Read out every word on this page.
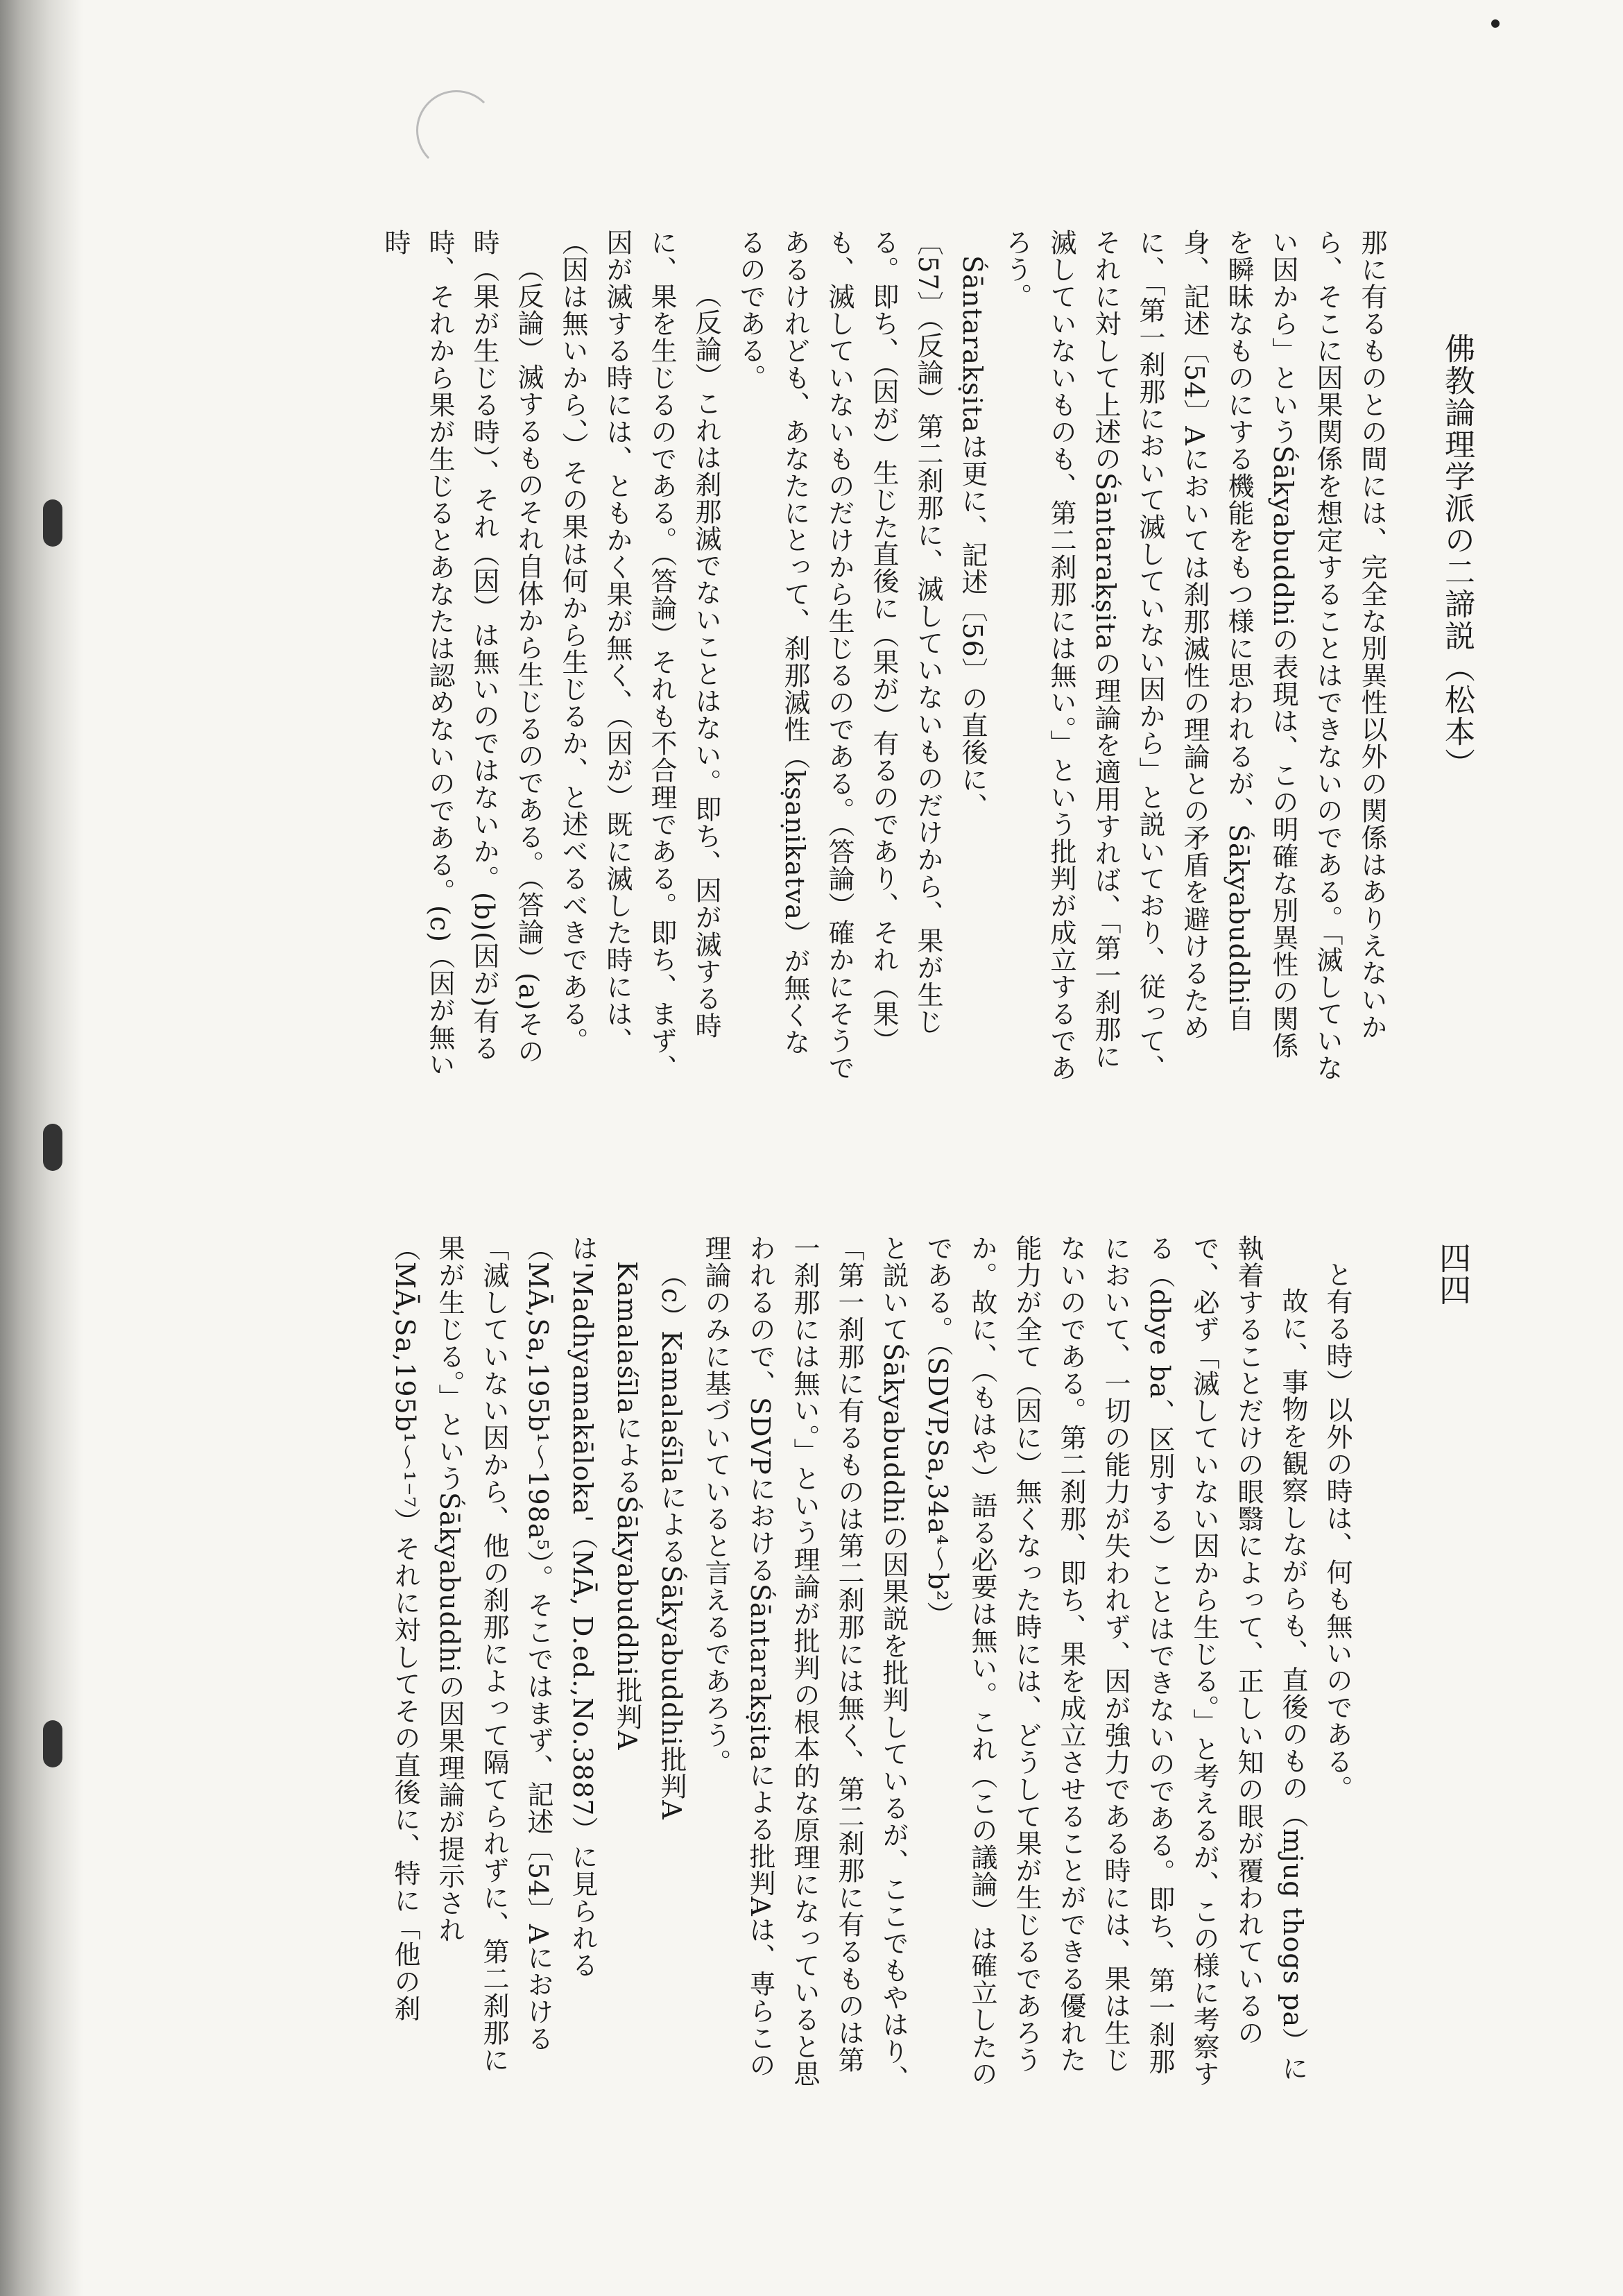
佛教論理学派の二諦説（松本）
四四

那に有るものとの間には、完全な別異性以外の関係はありえないから、そこに因果関係を想定することはできないのである。「滅していない因から」というŚākyabuddhiの表現は、この明確な別異性の関係を瞬昧なものにする機能をもつ様に思われるが、Śākyabuddhi自身、記述〔54〕Aにおいては刹那滅性の理論との矛盾を避けるために、「第一刹那において滅していない因から」と説いており、従って、それに対して上述のŚāntarakṣitaの理論を適用すれば、「第一刹那に滅していないものも、第二刹那には無い。」という批判が成立するであろう。

Śāntarakṣitaは更に、記述〔56〕の直後に、

〔57〕（反論）第二刹那に、滅していないものだけから、果が生じる。即ち、（因が）生じた直後に（果が）有るのであり、それ（果）も、滅していないものだけから生じるのである。（答論）確かにそうであるけれども、あなたにとって、刹那滅性（kṣaṇikatva）が無くなるのである。

（反論）これは刹那滅でないことはない。即ち、因が滅する時に、果を生じるのである。（答論）それも不合理である。即ち、まず、因が滅する時には、ともかく果が無く、（因が）既に滅した時には、（因は無いから、）その果は何から生じるか、と述べるべきである。

（反論）滅するものそれ自体から生じるのである。（答論）(a)その時（果が生じる時）、それ（因）は無いのではないか。(b)(因が)有る時、それから果が生じるとあなたは認めないのである。(c)（因が無い時

と有る時）以外の時は、何も無いのである。

故に、事物を観察しながらも、直後のもの（mjug thogs pa）に執着することだけの眼翳によって、正しい知の眼が覆われているので、必ず「滅していない因から生じる。」と考えるが、この様に考察する（dbye ba、区別する）ことはできないのである。即ち、第一刹那において、一切の能力が失われず、因が強力である時には、果は生じないのである。第二刹那、即ち、果を成立させることができる優れた能力が全て（因に）無くなった時には、どうして果が生じるであろうか。故に、（もはや）語る必要は無い。これ（この議論）は確立したのである。（SDVP,Sa,34a⁴～b²）

と説いてŚākyabuddhiの因果説を批判しているが、ここでもやはり、「第一刹那に有るものは第二刹那には無く、第二刹那に有るものは第一刹那には無い。」という理論が批判の根本的な原理になっていると思われるので、SDVPにおけるŚāntarakṣitaによる批判Aは、専らこの理論のみに基づいていると言えるであろう。

（c）KamalaśīlaによるŚākyabuddhi批判A

KamalaśīlaによるŚākyabuddhi批判Aは'Madhyamakāloka'（MĀ, D.ed.,No.3887）に見られる（MĀ,Sa,195b¹～198a⁵）。そこではまず、記述〔54〕Aにおける「滅していない因から、他の刹那によって隔てられずに、第二刹那に果が生じる。」というŚākyabuddhiの因果理論が提示され（MĀ,Sa,195b¹～¹⁻⁷）それに対してその直後に、特に「他の刹
